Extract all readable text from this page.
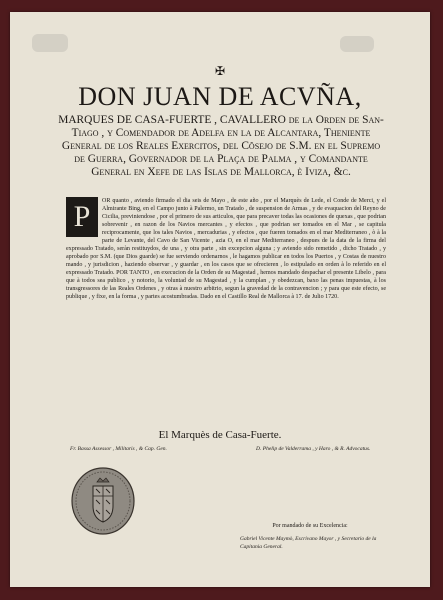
✠
DON JUAN DE ACVÑA,
MARQUES DE CASA-FUERTE , CAVALLERO de la Orden de San-Tiago , y Comendador de Adelfa en la de Alcantara, Theniente General de los Reales Exercitos, del Cõsejo de S.M. en el Supremo de Guerra, Governador de la Plaça de Palma , y Comandante General en Xefe de las Islas de Mallorca, è Iviza, &c.
OR quanto , aviendo firmado el dia seis de Mayo , de este año , por el Marquès de Lede, el Conde de Merci, y el Almirante Bing, en el Campo junto à Palermo, un Tratado , de suspension de Armas , y de evaquacion del Reyno de Cicilia, previniendose , por el primero de sus articulos, que para precaver todas las ocasiones de quexas , que podrian sobrevenir , en razon de los Navios mercantes , y efectos , que podrian ser tomados en el Mar , se capitula reciprocamente, que los tales Navios , mercadurias , y efectos , que fueren tomados en el mar Mediterraneo , ò à la parte de Levante, del Cavo de San Vicente , azia O, en el mar Mediterraneo , despues de la data de la firma del expressado Tratado, seràn restituydos, de una , y otra parte , sin excepcion alguna ; y aviendo sido remetido , dicho Tratado , y aprobado por S.M. (que Dios guarde) se fue serviendo ordenarnos , le hagamos publicar en todos los Puertos , y Costas de nuestro mando , y jurisdicion , haziendo observar , y guardar , en los casos que se ofrecieren , lo estipulado en orden à lo referido en el expressado Tratado. POR TANTO , en execucion de la Orden de su Magestad , hemos mandado despachar el presente Libelo , para que à todos sea publico , y notorio, la voluntad de su Magestad , y la cumplan , y obedezcan, baxo las penas impuestas, à los transgressores de las Reales Ordenes , y otras à nuestro arbitrio, segun la gravedad de la contravencion ; y para que este efecto, se publique , y fixe, en la forma , y partes acostumbradas. Dado en el Castillo Real de Mallorca à 17. de Julio 1720.
P
El Marquès de Casa-Fuerte.
Fr. Bassa Assessor , Militaris , & Cap. Gen.	D. Phelip de Valderrama , y Haro , & R. Advocatus.
Por mandado de su Excelencia:
Gabriel Vicente Maymò, Escrivano Mayor , y Secretario de la Capitania General.
